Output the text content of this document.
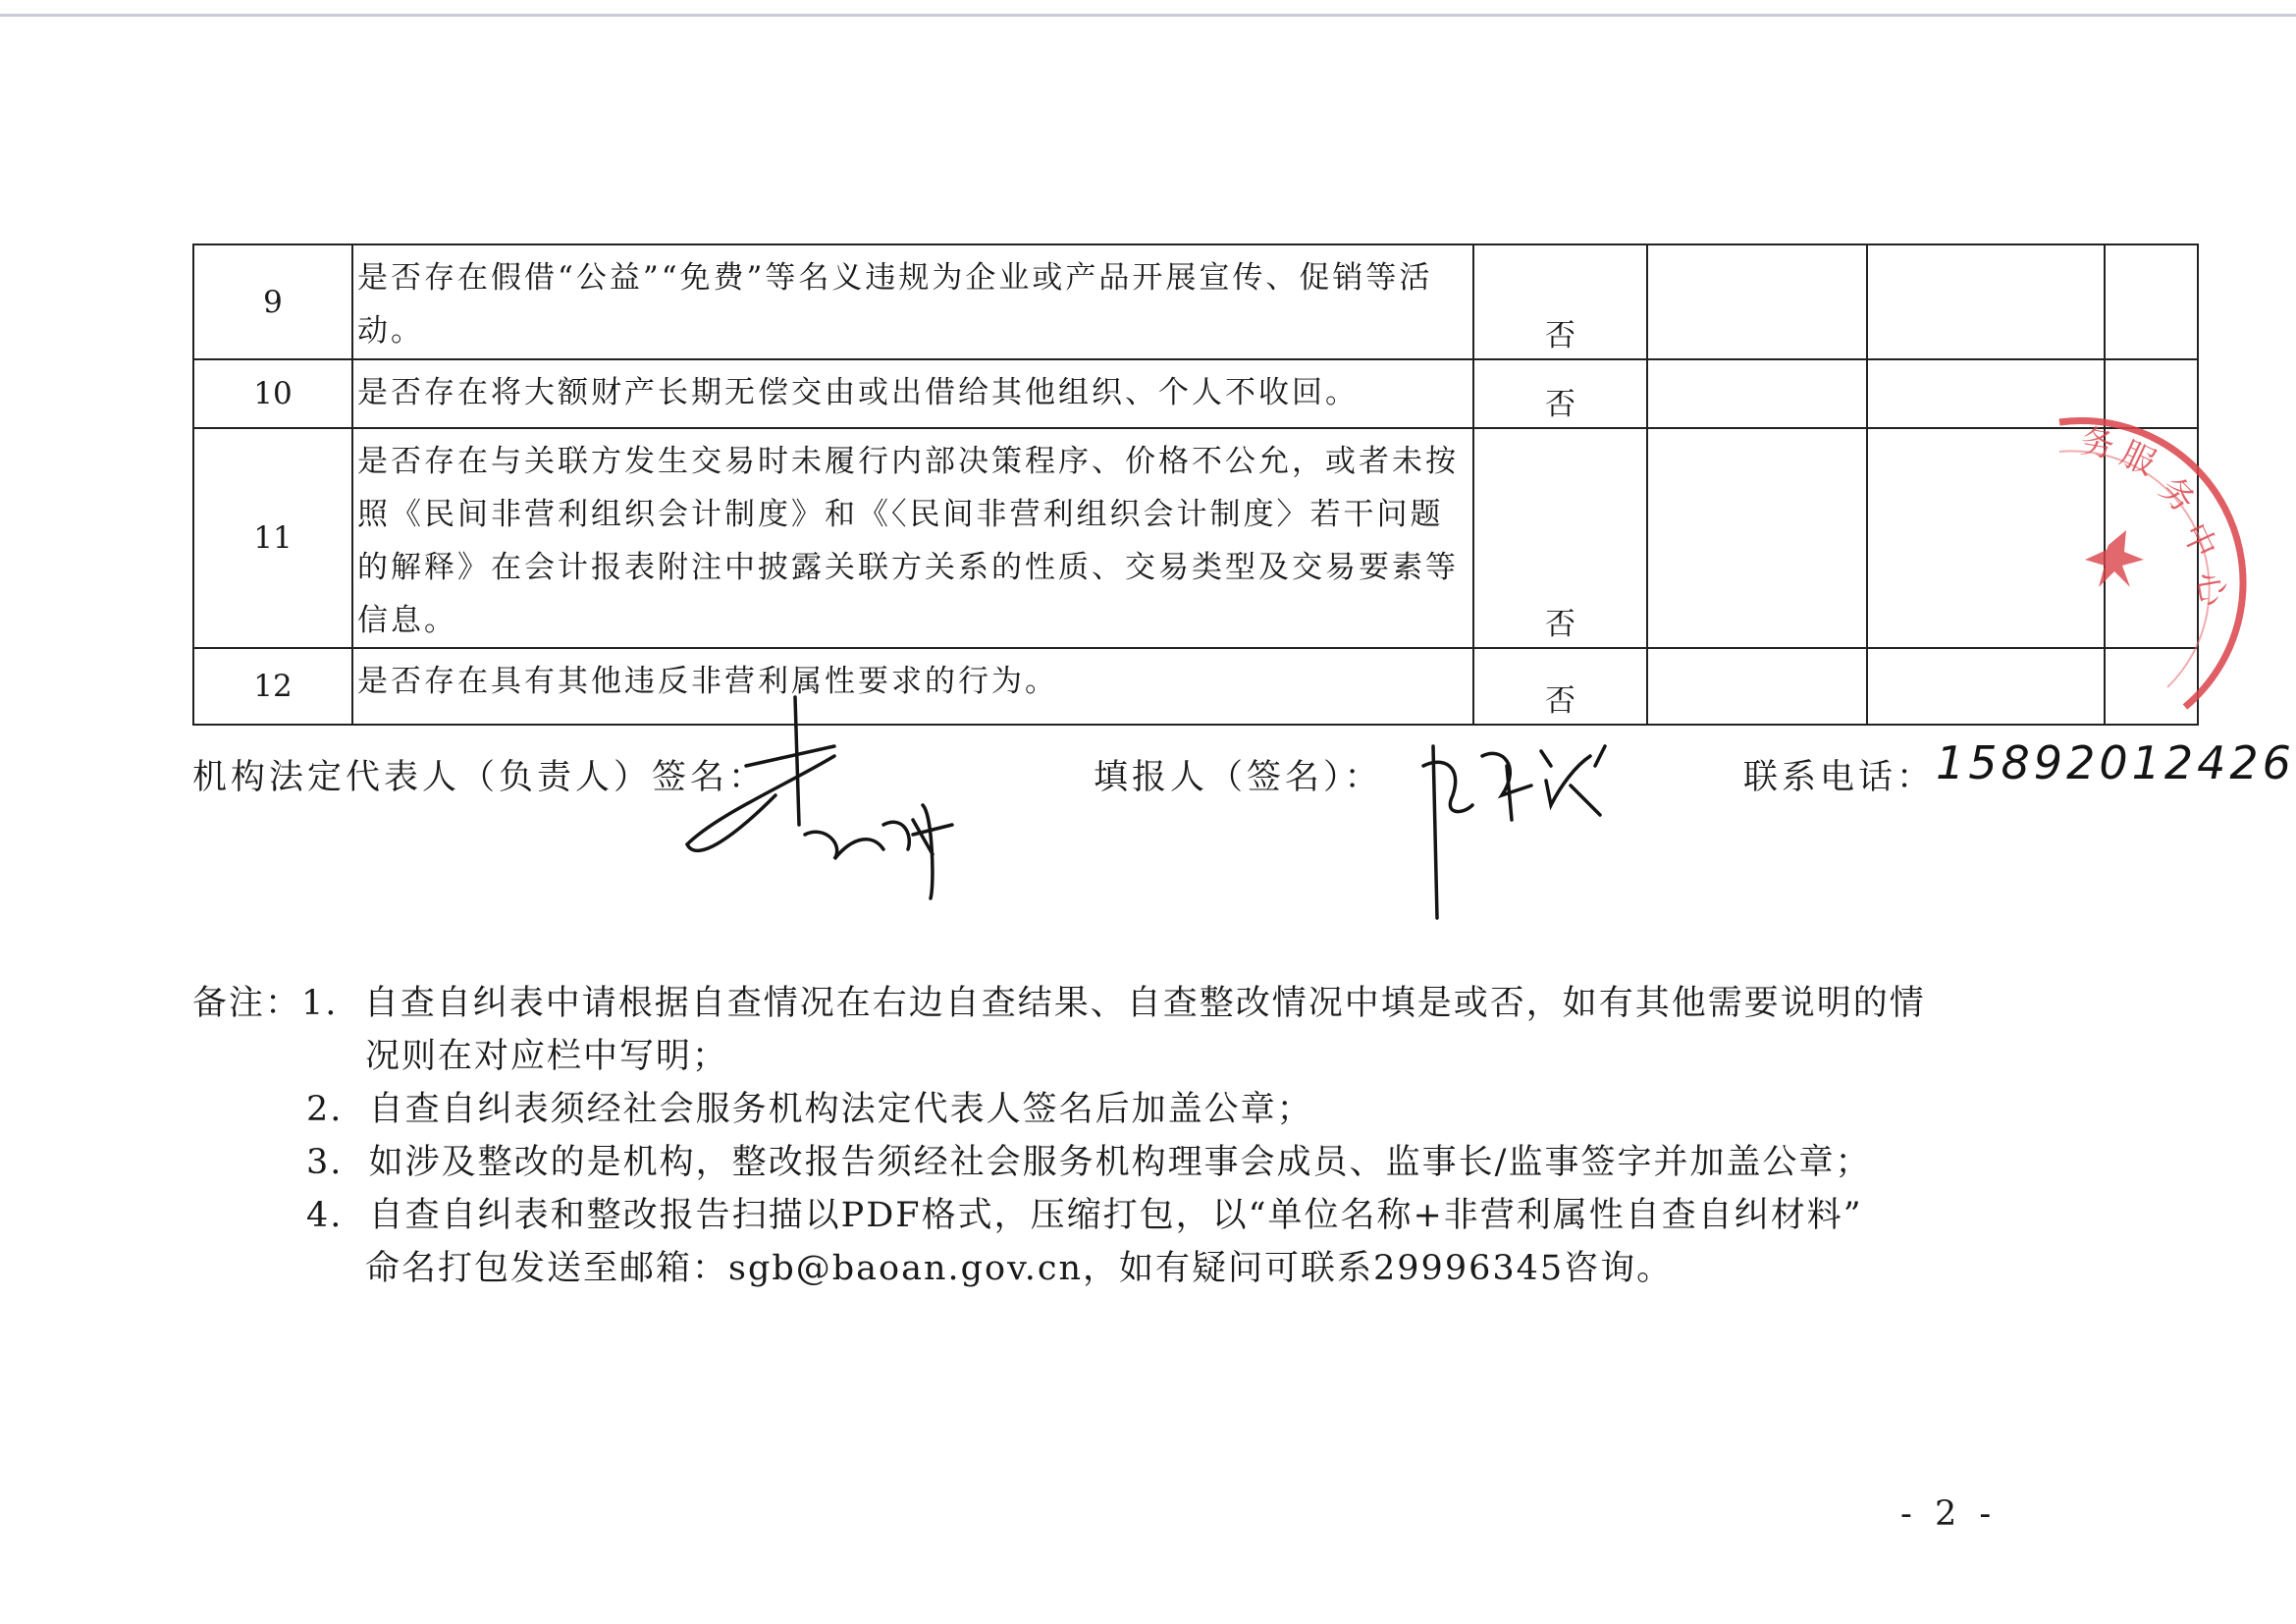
9	是否存在假借“公益”“免费”等名义违规为企业或产品开展宣传、促销等活动。	否			
10	是否存在将大额财产长期无偿交由或出借给其他组织、个人不收回。	否			
11	是否存在与关联方发生交易时未履行内部决策程序、价格不公允，或者未按照《民间非营利组织会计制度》和《〈民间非营利组织会计制度〉若干问题的解释》在会计报表附注中披露关联方关系的性质、交易类型及交易要素等信息。	否			
12	是否存在具有其他违反非营利属性要求的行为。	否			
务
服
务
中
心
机构法定代表人（负责人）签名：	填报人（签名）：	联系电话： 15892012426
备注：1. 自查自纠表中请根据自查情况在右边自查结果、自查整改情况中填是或否，如有其他需要说明的情
况则在对应栏中写明；
2. 自查自纠表须经社会服务机构法定代表人签名后加盖公章；
3. 如涉及整改的是机构，整改报告须经社会服务机构理事会成员、监事长/监事签字并加盖公章；
4. 自查自纠表和整改报告扫描以PDF格式，压缩打包，以“单位名称+非营利属性自查自纠材料”
命名打包发送至邮箱：sgb@baoan.gov.cn，如有疑问可联系29996345咨询。
- 2 -
